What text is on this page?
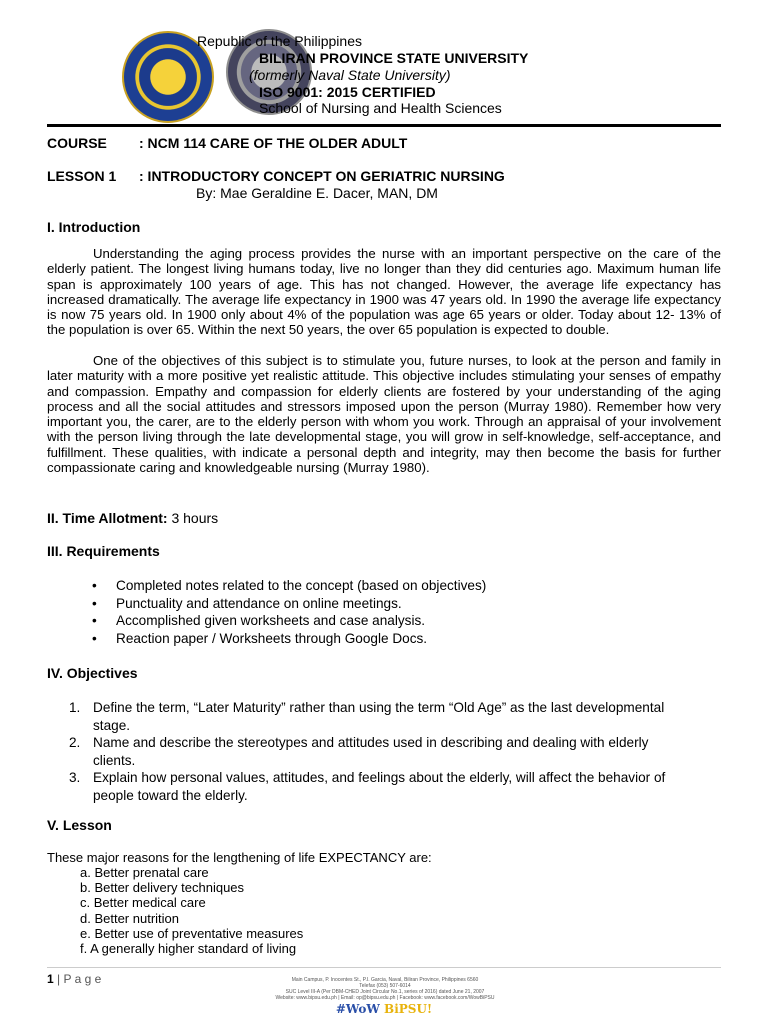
Republic of the Philippines
BILIRAN PROVINCE STATE UNIVERSITY
(formerly Naval State University)
ISO 9001: 2015 CERTIFIED
School of Nursing and Health Sciences
COURSE : NCM 114 CARE OF THE OLDER ADULT
LESSON 1 : INTRODUCTORY CONCEPT ON GERIATRIC NURSING
By: Mae Geraldine E. Dacer, MAN, DM
I. Introduction
Understanding the aging process provides the nurse with an important perspective on the care of the elderly patient. The longest living humans today, live no longer than they did centuries ago. Maximum human life span is approximately 100 years of age. This has not changed. However, the average life expectancy has increased dramatically. The average life expectancy in 1900 was 47 years old. In 1990 the average life expectancy is now 75 years old. In 1900 only about 4% of the population was age 65 years or older. Today about 12- 13% of the population is over 65. Within the next 50 years, the over 65 population is expected to double.
One of the objectives of this subject is to stimulate you, future nurses, to look at the person and family in later maturity with a more positive yet realistic attitude. This objective includes stimulating your senses of empathy and compassion. Empathy and compassion for elderly clients are fostered by your understanding of the aging process and all the social attitudes and stressors imposed upon the person (Murray 1980). Remember how very important you, the carer, are to the elderly person with whom you work. Through an appraisal of your involvement with the person living through the late developmental stage, you will grow in self-knowledge, self-acceptance, and fulfillment. These qualities, with indicate a personal depth and integrity, may then become the basis for further compassionate caring and knowledgeable nursing (Murray 1980).
II. Time Allotment: 3 hours
III. Requirements
• Completed notes related to the concept (based on objectives)
• Punctuality and attendance on online meetings.
• Accomplished given worksheets and case analysis.
• Reaction paper / Worksheets through Google Docs.
IV. Objectives
1. Define the term, “Later Maturity” rather than using the term “Old Age” as the last developmental stage.
2. Name and describe the stereotypes and attitudes used in describing and dealing with elderly clients.
3. Explain how personal values, attitudes, and feelings about the elderly, will affect the behavior of people toward the elderly.
V. Lesson
These major reasons for the lengthening of life EXPECTANCY are:
a. Better prenatal care
b. Better delivery techniques
c. Better medical care
d. Better nutrition
e. Better use of preventative measures
f. A generally higher standard of living
1 | P a g e	Main Campus, P. Inocentes St., P.I. Garcia, Naval, Biliran Province, Philippines 6560
Telefax (053) 507-6014
SUC Level III-A (Per DBM-CHED Joint Circular No.1, series of 2016) dated June 21, 2007
Website: www.bipsu.edu.ph | Email: op@bipsu.edu.ph | Facebook: www.facebook.com/WowBiPSU
#WoW BiPSU!
